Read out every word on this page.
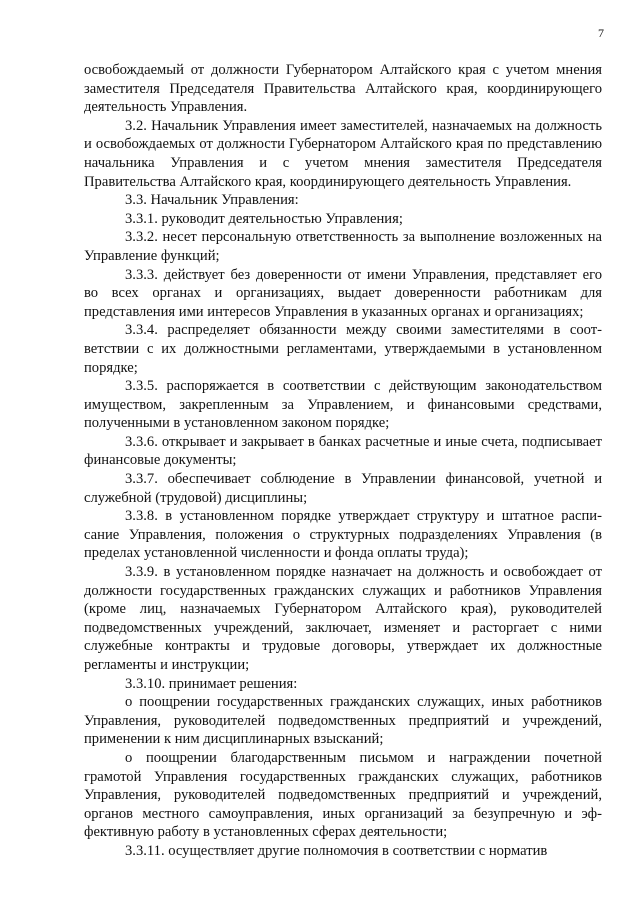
7

освобождаемый от должности Губернатором Алтайского края с учетом мнения заместителя Председателя Правительства Алтайского края, координирующего деятельность Управления.

3.2. Начальник Управления имеет заместителей, назначаемых на должность и освобождаемых от должности Губернатором Алтайского края по представлению начальника Управления и с учетом мнения заместителя Председателя Правительства Алтайского края, координирующего деятельность Управления.

3.3. Начальник Управления:

3.3.1. руководит деятельностью Управления;

3.3.2. несет персональную ответственность за выполнение возложенных на Управление функций;

3.3.3. действует без доверенности от имени Управления, представляет его во всех органах и организациях, выдает доверенности работникам для представления ими интересов Управления в указанных органах и организациях;

3.3.4. распределяет обязанности между своими заместителями в соответствии с их должностными регламентами, утверждаемыми в установленном порядке;

3.3.5. распоряжается в соответствии с действующим законодательством имуществом, закрепленным за Управлением, и финансовыми средствами, полученными в установленном законом порядке;

3.3.6. открывает и закрывает в банках расчетные и иные счета, подписывает финансовые документы;

3.3.7. обеспечивает соблюдение в Управлении финансовой, учетной и служебной (трудовой) дисциплины;

3.3.8. в установленном порядке утверждает структуру и штатное расписание Управления, положения о структурных подразделениях Управления (в пределах установленной численности и фонда оплаты труда);

3.3.9. в установленном порядке назначает на должность и освобождает от должности государственных гражданских служащих и работников Управления (кроме лиц, назначаемых Губернатором Алтайского края), руководителей подведомственных учреждений, заключает, изменяет и расторгает с ними служебные контракты и трудовые договоры, утверждает их должностные регламенты и инструкции;

3.3.10. принимает решения:

о поощрении государственных гражданских служащих, иных работников Управления, руководителей подведомственных предприятий и учреждений, применении к ним дисциплинарных взысканий;

о поощрении благодарственным письмом и награждении почетной грамотой Управления государственных гражданских служащих, работников Управления, руководителей подведомственных предприятий и учреждений, органов местного самоуправления, иных организаций за безупречную и эффективную работу в установленных сферах деятельности;

3.3.11. осуществляет другие полномочия в соответствии с норматив
